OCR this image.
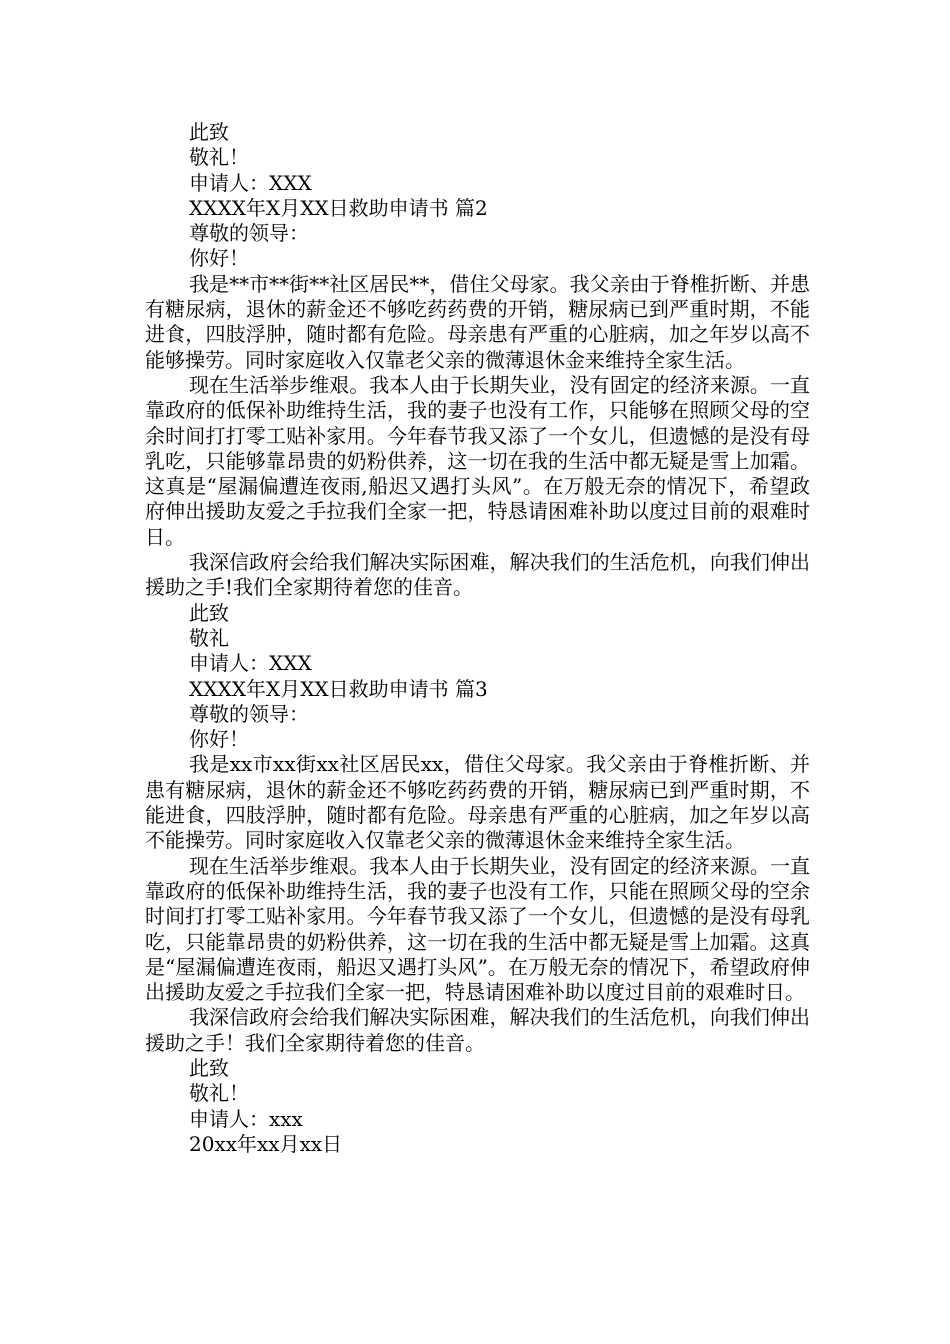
此致
敬礼！
申请人：XXX
XXXX年X月XX日救助申请书 篇2
尊敬的领导：
你好！
我是**市**街**社区居民**，借住父母家。我父亲由于脊椎折断、并患有糖尿病，退休的薪金还不够吃药药费的开销，糖尿病已到严重时期，不能进食，四肢浮肿，随时都有危险。母亲患有严重的心脏病，加之年岁以高不能够操劳。同时家庭收入仅靠老父亲的微薄退休金来维持全家生活。
现在生活举步维艰。我本人由于长期失业，没有固定的经济来源。一直靠政府的低保补助维持生活，我的妻子也没有工作，只能够在照顾父母的空余时间打打零工贴补家用。今年春节我又添了一个女儿，但遗憾的是没有母乳吃，只能够靠昂贵的奶粉供养，这一切在我的生活中都无疑是雪上加霜。这真是“屋漏偏遭连夜雨,船迟又遇打头风”。在万般无奈的情况下，希望政府伸出援助友爱之手拉我们全家一把，特恳请困难补助以度过目前的艰难时日。
我深信政府会给我们解决实际困难，解决我们的生活危机，向我们伸出援助之手!我们全家期待着您的佳音。
此致
敬礼
申请人：XXX
XXXX年X月XX日救助申请书 篇3
尊敬的领导：
你好！
我是xx市xx街xx社区居民xx，借住父母家。我父亲由于脊椎折断、并患有糖尿病，退休的薪金还不够吃药药费的开销，糖尿病已到严重时期，不能进食，四肢浮肿，随时都有危险。母亲患有严重的心脏病，加之年岁以高不能操劳。同时家庭收入仅靠老父亲的微薄退休金来维持全家生活。
现在生活举步维艰。我本人由于长期失业，没有固定的经济来源。一直靠政府的低保补助维持生活，我的妻子也没有工作，只能在照顾父母的空余时间打打零工贴补家用。今年春节我又添了一个女儿，但遗憾的是没有母乳吃，只能靠昂贵的奶粉供养，这一切在我的生活中都无疑是雪上加霜。这真是“屋漏偏遭连夜雨，船迟又遇打头风”。在万般无奈的情况下，希望政府伸出援助友爱之手拉我们全家一把，特恳请困难补助以度过目前的艰难时日。
我深信政府会给我们解决实际困难，解决我们的生活危机，向我们伸出援助之手！我们全家期待着您的佳音。
此致
敬礼！
申请人：xxx
20xx年xx月xx日
